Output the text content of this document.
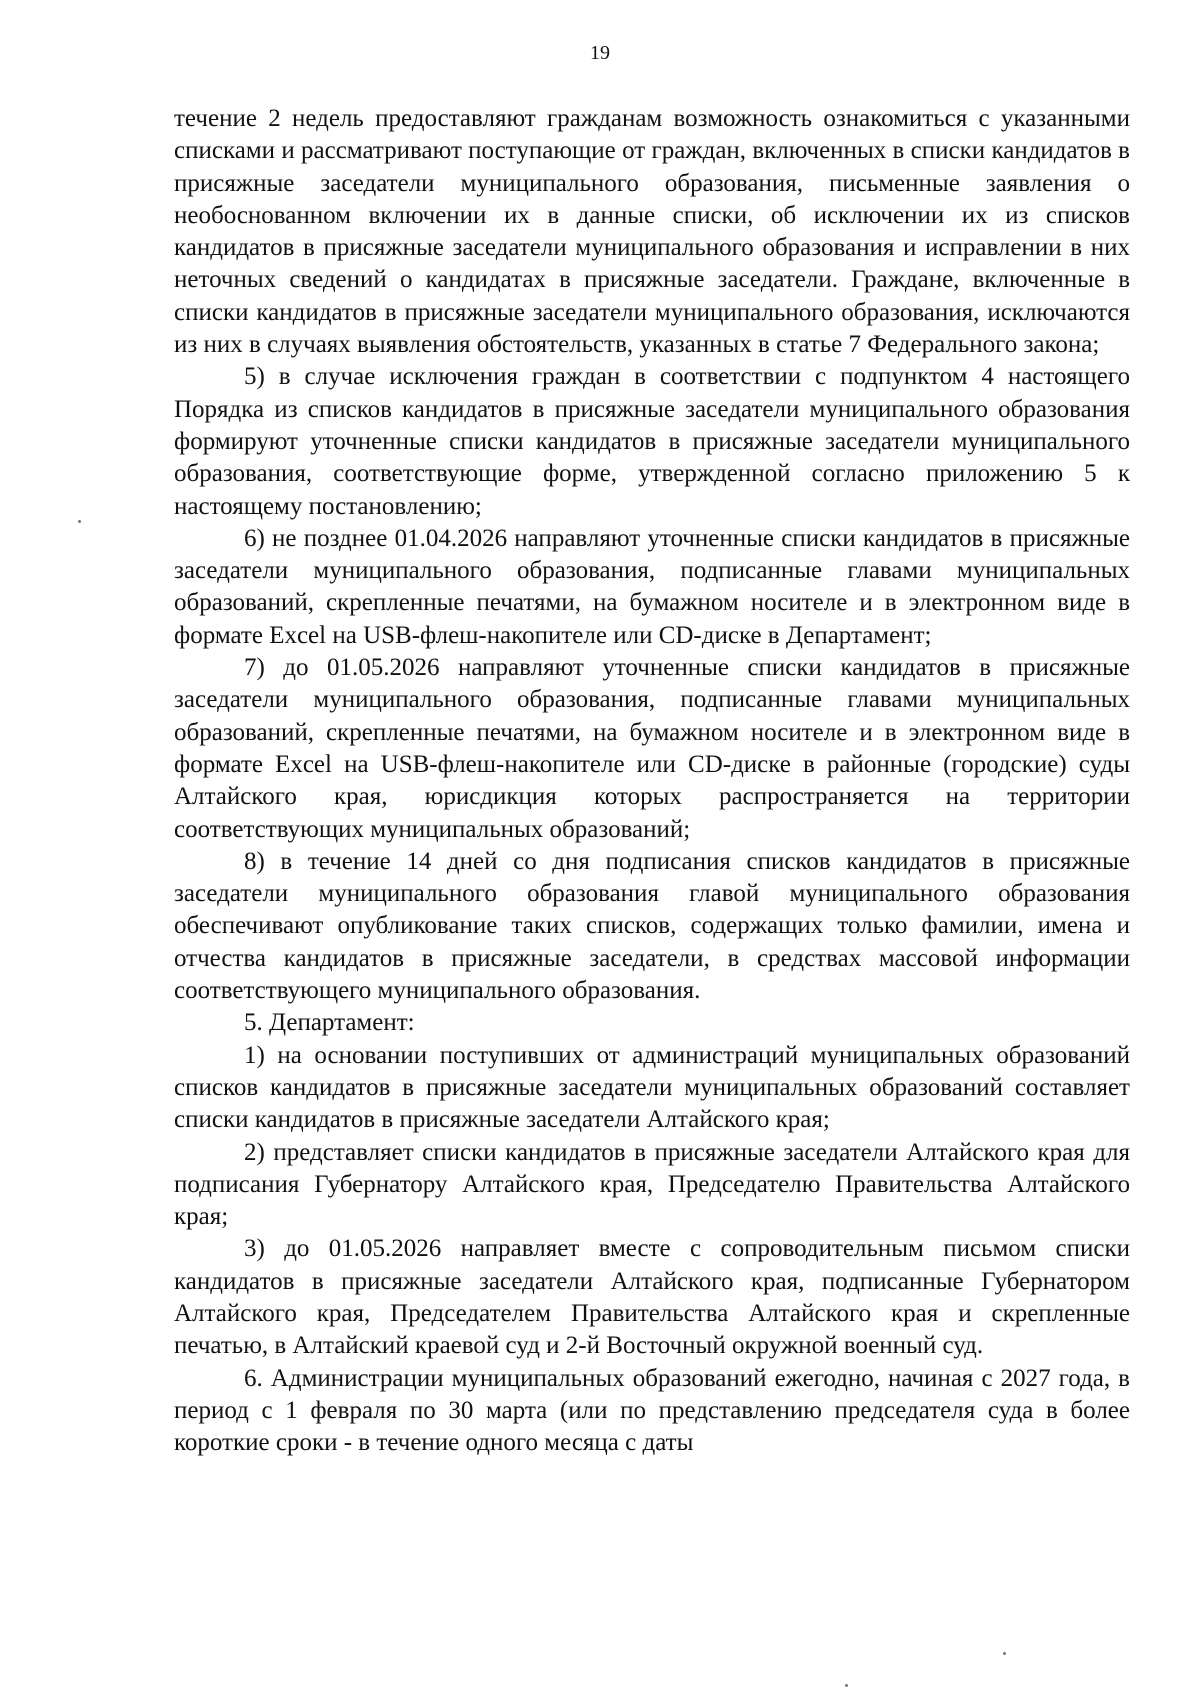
19

течение 2 недель предоставляют гражданам возможность ознакомиться с указанными списками и рассматривают поступающие от граждан, включенных в списки кандидатов в присяжные заседатели муниципального образования, письменные заявления о необоснованном включении их в данные списки, об исключении их из списков кандидатов в присяжные заседатели муниципального образования и исправлении в них неточных сведений о кандидатах в присяжные заседатели. Граждане, включенные в списки кандидатов в присяжные заседатели муниципального образования, исключаются из них в случаях выявления обстоятельств, указанных в статье 7 Федерального закона;

5) в случае исключения граждан в соответствии с подпунктом 4 настоящего Порядка из списков кандидатов в присяжные заседатели муниципального образования формируют уточненные списки кандидатов в присяжные заседатели муниципального образования, соответствующие форме, утвержденной согласно приложению 5 к настоящему постановлению;

6) не позднее 01.04.2026 направляют уточненные списки кандидатов в присяжные заседатели муниципального образования, подписанные главами муниципальных образований, скрепленные печатями, на бумажном носителе и в электронном виде в формате Excel на USB-флеш-накопителе или CD-диске в Департамент;

7) до 01.05.2026 направляют уточненные списки кандидатов в присяжные заседатели муниципального образования, подписанные главами муниципальных образований, скрепленные печатями, на бумажном носителе и в электронном виде в формате Excel на USB-флеш-накопителе или CD-диске в районные (городские) суды Алтайского края, юрисдикция которых распространяется на территории соответствующих муниципальных образований;

8) в течение 14 дней со дня подписания списков кандидатов в присяжные заседатели муниципального образования главой муниципального образования обеспечивают опубликование таких списков, содержащих только фамилии, имена и отчества кандидатов в присяжные заседатели, в средствах массовой информации соответствующего муниципального образования.

5. Департамент:

1) на основании поступивших от администраций муниципальных образований списков кандидатов в присяжные заседатели муниципальных образований составляет списки кандидатов в присяжные заседатели Алтайского края;

2) представляет списки кандидатов в присяжные заседатели Алтайского края для подписания Губернатору Алтайского края, Председателю Правительства Алтайского края;

3) до 01.05.2026 направляет вместе с сопроводительным письмом списки кандидатов в присяжные заседатели Алтайского края, подписанные Губернатором Алтайского края, Председателем Правительства Алтайского края и скрепленные печатью, в Алтайский краевой суд и 2-й Восточный окружной военный суд.

6. Администрации муниципальных образований ежегодно, начиная с 2027 года, в период с 1 февраля по 30 марта (или по представлению председателя суда в более короткие сроки - в течение одного месяца с даты
